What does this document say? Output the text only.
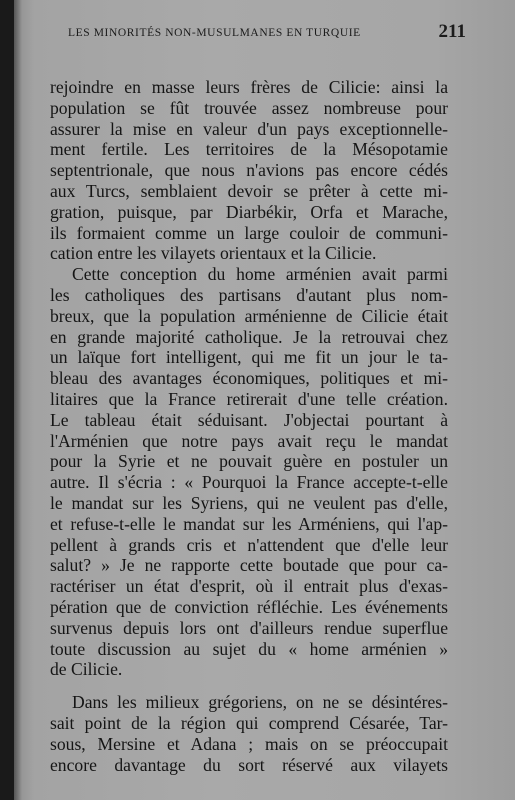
LES MINORITÉS NON-MUSULMANES EN TURQUIE	211
rejoindre en masse leurs frères de Cilicie: ainsi la
population se fût trouvée assez nombreuse pour
assurer la mise en valeur d'un pays exceptionnelle-
ment fertile. Les territoires de la Mésopotamie
septentrionale, que nous n'avions pas encore cédés
aux Turcs, semblaient devoir se prêter à cette mi-
gration, puisque, par Diarbékir, Orfa et Marache,
ils formaient comme un large couloir de communi-
cation entre les vilayets orientaux et la Cilicie.
Cette conception du home arménien avait parmi
les catholiques des partisans d'autant plus nom-
breux, que la population arménienne de Cilicie était
en grande majorité catholique. Je la retrouvai chez
un laïque fort intelligent, qui me fit un jour le ta-
bleau des avantages économiques, politiques et mi-
litaires que la France retirerait d'une telle création.
Le tableau était séduisant. J'objectai pourtant à
l'Arménien que notre pays avait reçu le mandat
pour la Syrie et ne pouvait guère en postuler un
autre. Il s'écria : « Pourquoi la France accepte-t-elle
le mandat sur les Syriens, qui ne veulent pas d'elle,
et refuse-t-elle le mandat sur les Arméniens, qui l'ap-
pellent à grands cris et n'attendent que d'elle leur
salut? » Je ne rapporte cette boutade que pour ca-
ractériser un état d'esprit, où il entrait plus d'exas-
pération que de conviction réfléchie. Les événements
survenus depuis lors ont d'ailleurs rendue superflue
toute discussion au sujet du « home arménien »
de Cilicie.
Dans les milieux grégoriens, on ne se désintéres-
sait point de la région qui comprend Césarée, Tar-
sous, Mersine et Adana ; mais on se préoccupait
encore davantage du sort réservé aux vilayets
